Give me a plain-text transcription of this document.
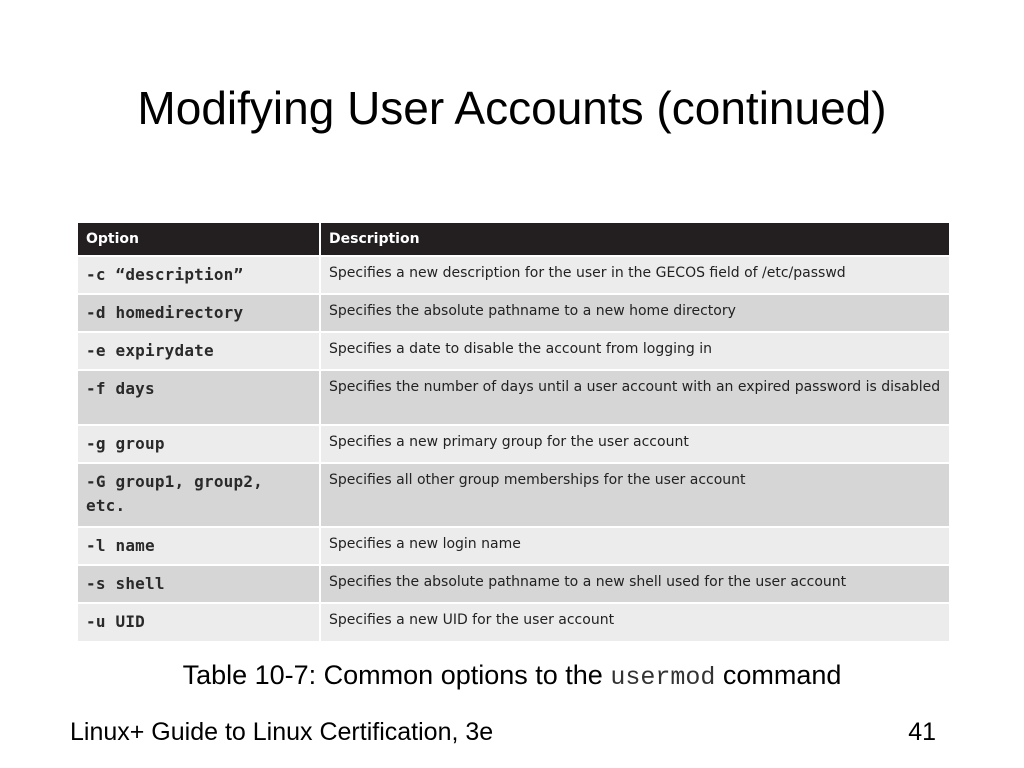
Modifying User Accounts (continued)
Option	Description
-c “description”	Specifies a new description for the user in the GECOS field of /etc/passwd
-d homedirectory	Specifies the absolute pathname to a new home directory
-e expirydate	Specifies a date to disable the account from logging in
-f days	Specifies the number of days until a user account with an expired password is disabled
-g group	Specifies a new primary group for the user account
-G group1, group2, etc.	Specifies all other group memberships for the user account
-l name	Specifies a new login name
-s shell	Specifies the absolute pathname to a new shell used for the user account
-u UID	Specifies a new UID for the user account
Table 10-7: Common options to the usermod command
Linux+ Guide to Linux Certification, 3e	41
